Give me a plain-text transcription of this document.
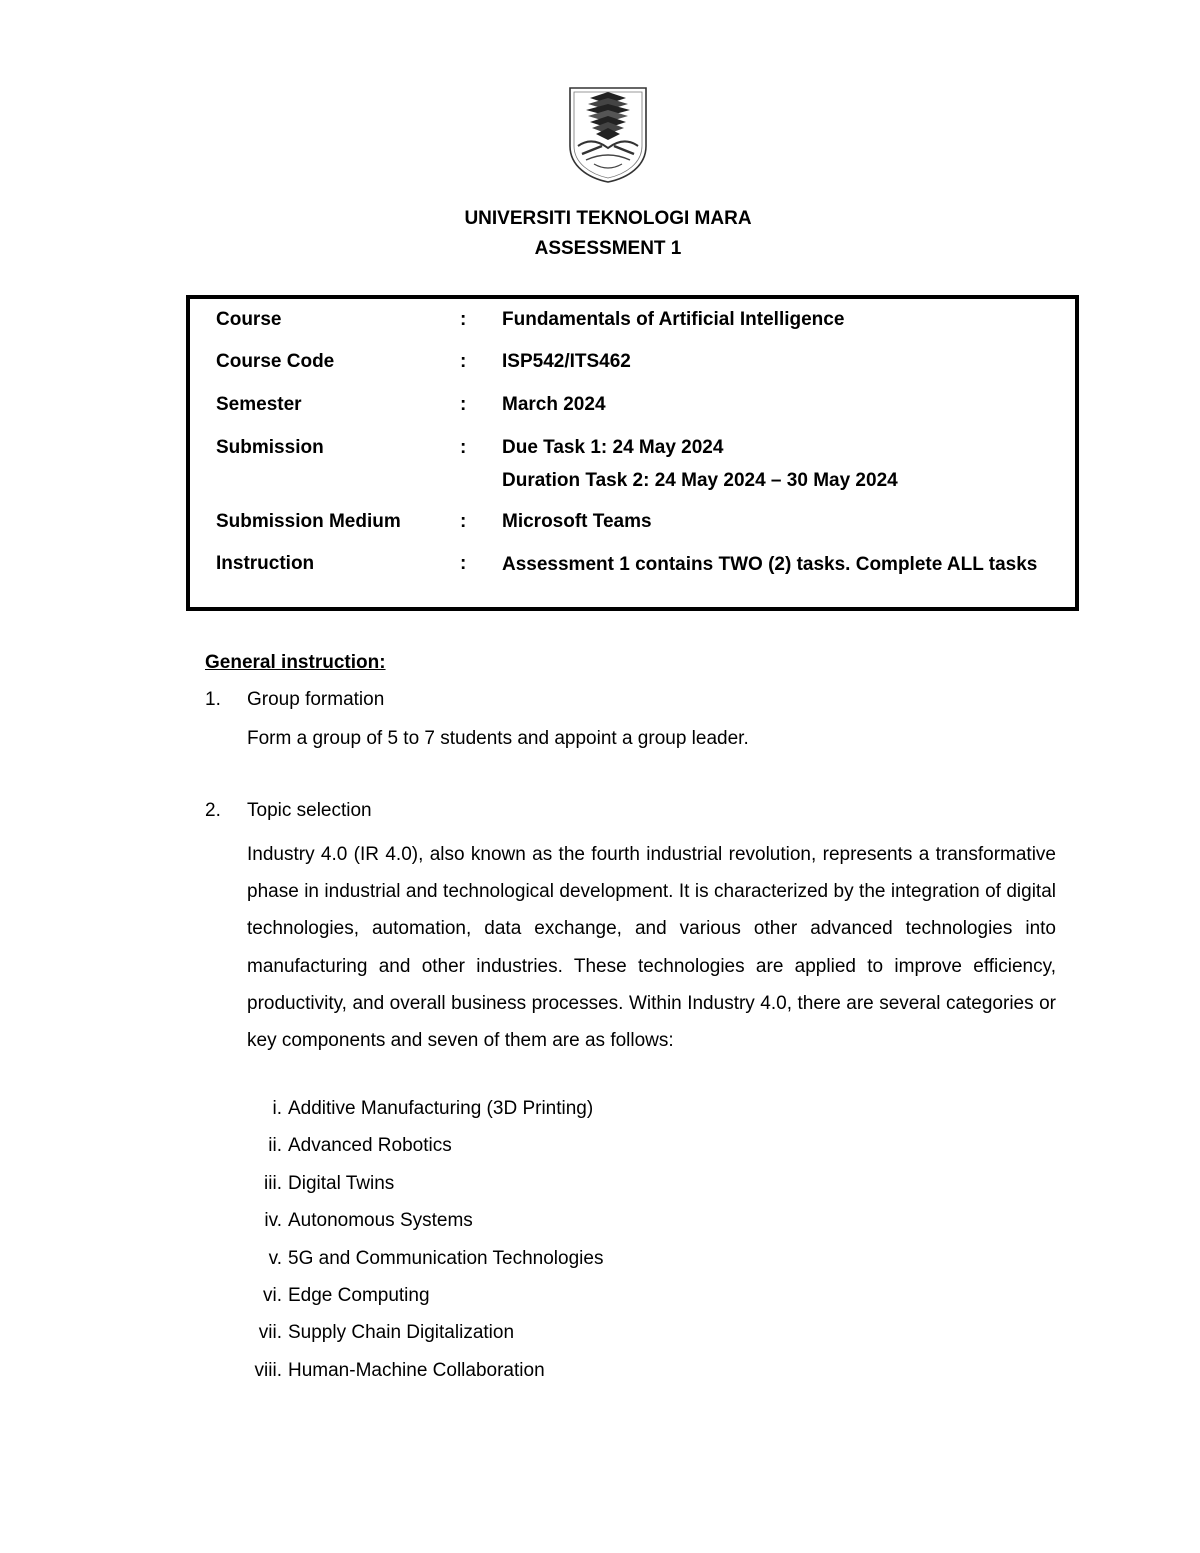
UNIVERSITI TEKNOLOGI MARA
ASSESSMENT 1
Course	: Fundamentals of Artificial Intelligence
Course Code	: ISP542/ITS462
Semester	: March 2024
Submission	: Due Task 1: 24 May 2024
Duration Task 2: 24 May 2024 – 30 May 2024
Submission Medium	: Microsoft Teams
Instruction	: Assessment 1 contains TWO (2) tasks. Complete ALL tasks
General instruction:
1. Group formation
Form a group of 5 to 7 students and appoint a group leader.
2. Topic selection
Industry 4.0 (IR 4.0), also known as the fourth industrial revolution, represents a transformative phase in industrial and technological development. It is characterized by the integration of digital technologies, automation, data exchange, and various other advanced technologies into manufacturing and other industries. These technologies are applied to improve efficiency, productivity, and overall business processes. Within Industry 4.0, there are several categories or key components and seven of them are as follows:
i. Additive Manufacturing (3D Printing)
ii. Advanced Robotics
iii. Digital Twins
iv. Autonomous Systems
v. 5G and Communication Technologies
vi. Edge Computing
vii. Supply Chain Digitalization
viii. Human-Machine Collaboration
